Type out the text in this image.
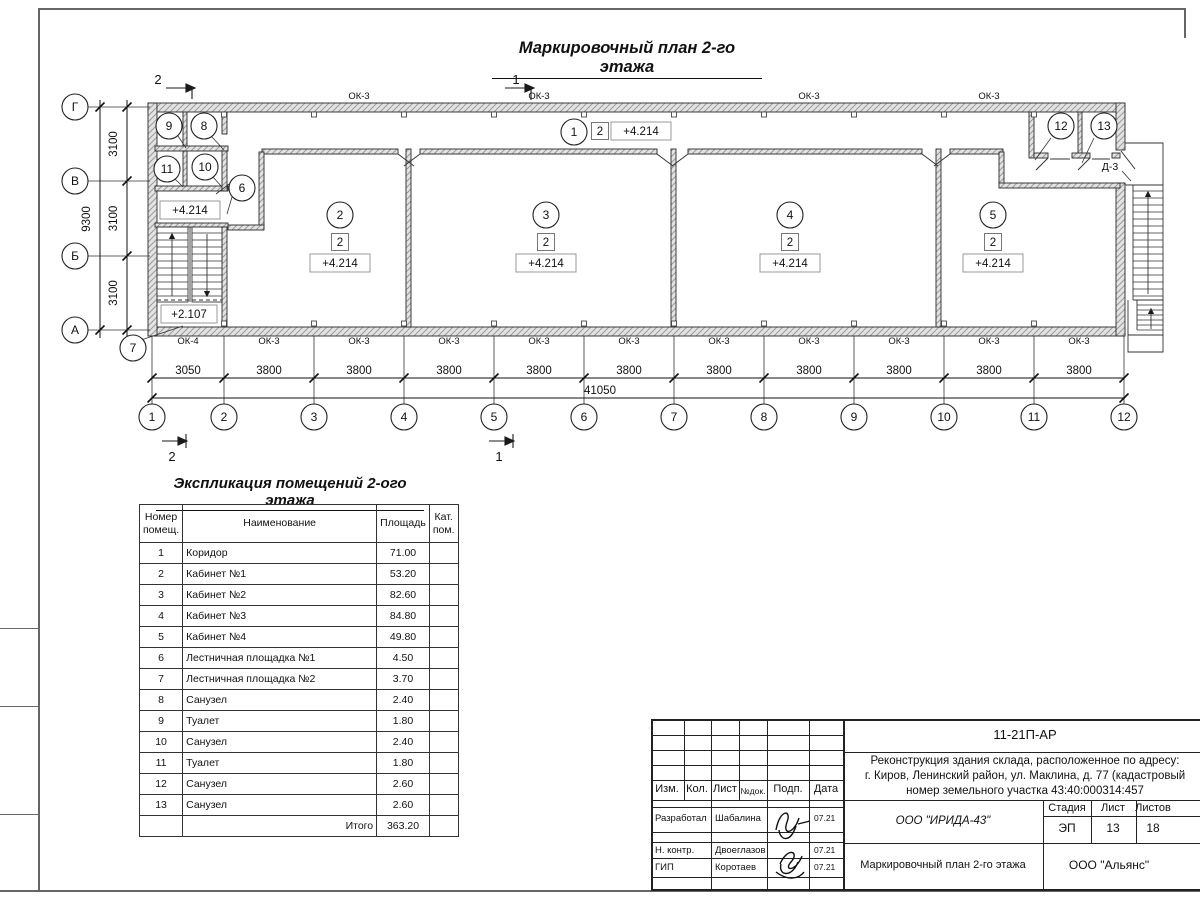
Маркировочный план 2-го этажа
2	1
2	1
Д-3
3050	3800	3800	3800	3800	3800	3800	3800	3800	3800	3800
41050
1	2	3	4	5	6	7	8	9	10	11	12
3100
3100
3100
9300
Г
В
Б
А
ОК-3	ОК-3	ОК-3	ОК-3
ОК-4	ОК-3	ОК-3	ОК-3	ОК-3	ОК-3	ОК-3	ОК-3	ОК-3	ОК-3	ОК-3
1
2	3	4	5
6
7
8
9
10
11
12 13
2
2	2	2	2
+4.214
+4.214	+4.214	+4.214	+4.214
+4.214
+2.107
Экспликация помещений 2-ого этажа
Номер помещ.	Наименование	Площадь	Кат. пом.
1	Коридор	71.00	
2	Кабинет №1	53.20	
3	Кабинет №2	82.60	
4	Кабинет №3	84.80	
5	Кабинет №4	49.80	
6	Лестничная площадка №1	4.50	
7	Лестничная площадка №2	3.70	
8	Санузел	2.40	
9	Туалет	1.80	
10	Санузел	2.40	
11	Туалет	1.80	
12	Санузел	2.60	
13	Санузел	2.60	
	Итого	363.20	
11-21П-АР
Реконструкция здания склада, расположенное по адресу:
г. Киров, Ленинский район, ул. Маклина, д. 77 (кадастровый
номер земельного участка 43:40:000314:457
Изм. Кол. Лист №док. Подп. Дата
Стадия Лист Листов
ЭП	13 18
ООО "ИРИДА-43"
Маркировочный план 2-го этажа	ООО "Альянс"
Разработал Шабалина	07.21
Н. контр. Двоеглазов	07.21
ГИП	Коротаев	07.21
